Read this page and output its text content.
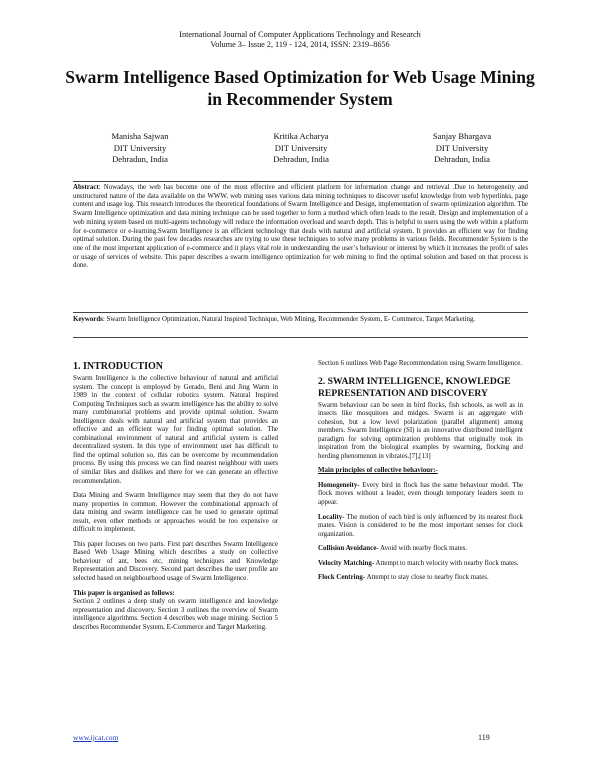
International Journal of Computer Applications Technology and Research
Volume 3– Issue 2, 119 - 124, 2014, ISSN: 2319–8656
Swarm Intelligence Based Optimization for Web Usage Mining
in Recommender System
Manisha Sajwan
DIT University
Dehradun, India
Kritika Acharya
DIT University
Dehradun, India
Sanjay Bhargava
DIT University
Dehradun, India
Abstract: Nowadays, the web has become one of the most effective and efficient platform for information change and retrieval .Due to heterogeneity and unstructured nature of the data available on the WWW, web mining uses various data mining techniques to discover useful knowledge from web hyperlinks, page content and usage log. This research introduces the theoretical foundations of Swarm Intelligence and Design, implementation of swarm optimization algorithm. The Swarm Intelligence optimization and data mining technique can be used together to form a method which often leads to the result. Design and implementation of a web mining system based on multi-agents technology will reduce the information overload and search depth. This is helpful to users using the web within a platform for e-commerce or e-learning.Swarm Intelligence is an efficient technology that deals with natural and artificial system. It provides an efficient way for finding optimal solution. During the past few decades researches are trying to use these techniques to solve many problems in various fields. Recommender System is the one of the most important application of e-commerce and it plays vital role in understanding the user’s behaviour or interest by which it increases the profit of sales or usage of services of website. This paper describes a swarm intelligence optimization for web mining to find the optimal solution and based on that process is done.
Keywords: Swarm Intelligence Optimization, Natural Inspired Technique, Web Mining, Recommender System, E- Commerce, Target Marketing.
1. INTRODUCTION

Swarm Intelligence is the collective behaviour of natural and artificial system. The concept is employed by Gerado, Beni and Jing Warm in 1989 in the context of cellular robotics system. Natural Inspired Computing Techniques such as swarm intelligence has the ability to solve many combinatorial problems and provide optimal solution. Swarm Intelligence deals with natural and artificial system that provides an effective and an efficient way for finding optimal solution. The combinational environment of natural and artificial system is called decentralized system. In this type of environment user has difficult to find the optimal solution so, this can be overcome by recommendation process. By using this process we can find nearest neighbour with users of similar likes and dislikes and there for we can generate an effective recommendation.

Data Mining and Swarm Intelligence may seem that they do not have many properties in common. However the combinational approach of data mining and swarm intelligence can be used to generate optimal result, even other methods or approaches would be too expensive or difficult to implement.

This paper focuses on two parts. First part describes Swarm Intelligence Based Web Usage Mining which describes a study on collective behaviour of ant, bees etc, mining techniques and Knowledge Representation and Discovery. Second part describes the user profile are selected based on neighbourhood usage of Swarm Intelligence.

This paper is organised as follows:

Section 2 outlines a deep study on swarm intelligence and knowledge representation and discovery. Section 3 outlines the overview of Swarm intelligence algorithms. Section 4 describes web usage mining. Section 5 describes Recommender System, E-Commerce and Target Marketing.

Section 6 outlines Web Page Recommendation using Swarm Intelligence.

2. SWARM INTELLIGENCE, KNOWLEDGE REPRESENTATION AND DISCOVERY

Swarm behaviour can be seen in bird flocks, fish schools, as well as in insects like mosquitoes and midges. Swarm is an aggregate with cohesion, but a low level polarization (parallel alignment) among members. Swarm Intelligence (SI) is an innovative distributed intelligent paradigm for solving optimization problems that originally took its inspiration from the biological examples by swarming, flocking and herding phenomenon in vibrates.[7],[13]

Main principles of collective behaviour:-

Homogeneity- Every bird in flock has the same behaviour model. The flock moves without a leader, even though temporary leaders seem to appear.

Locality- The motion of each bird is only influenced by its nearest flock mates. Vision is considered to be the most important senses for clock organization.

Collision Avoidance- Avoid with nearby flock mates.

Velocity Matching- Attempt to match velocity with nearby flock mates.

Flock Centring- Attempt to stay close to nearby flock mates.

www.ijcat.com	119
